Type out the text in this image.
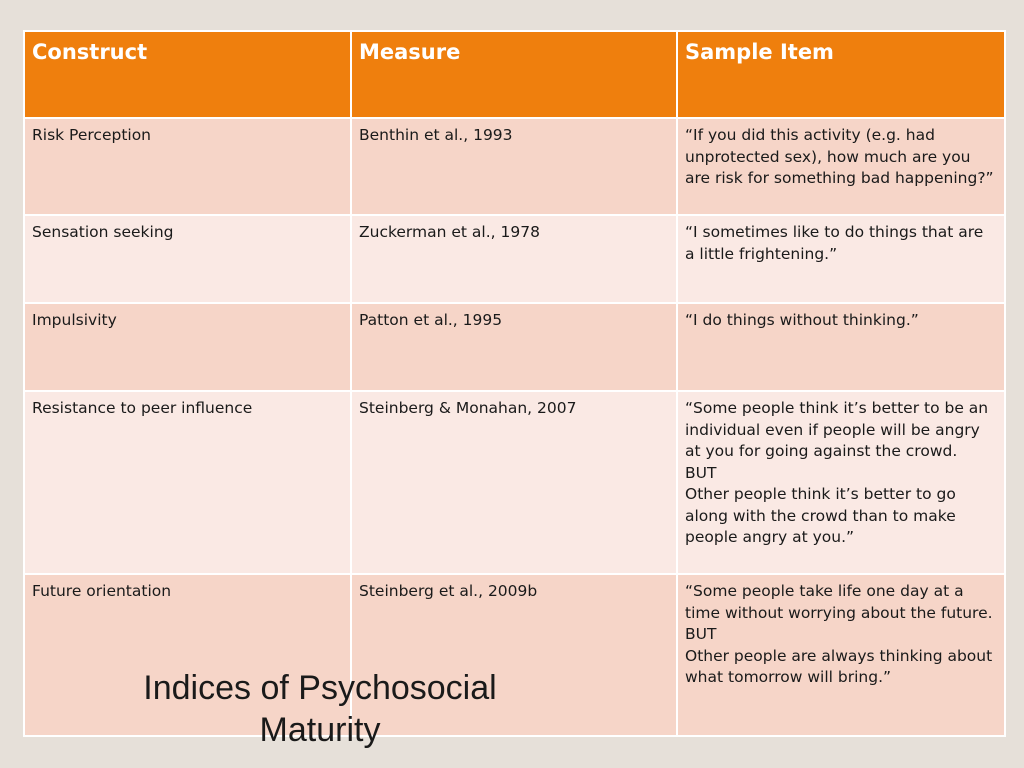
Construct	Measure	Sample Item
Risk Perception	Benthin et al., 1993	“If you did this activity (e.g. had unprotected sex), how much are you are risk for something bad happening?”
Sensation seeking	Zuckerman et al., 1978	“I sometimes like to do things that are a little frightening.”
Impulsivity	Patton et al., 1995	“I do things without thinking.”
Resistance to peer influence	Steinberg & Monahan, 2007	“Some people think it’s better to be an individual even if people will be angry at you for going against the crowd.
BUT
Other people think it’s better to go along with the crowd than to make people angry at you.”
Future orientation	Steinberg et al., 2009b	“Some people take life one day at a time without worrying about the future.
BUT
Other people are always thinking about what tomorrow will bring.”
Indices of Psychosocial Maturity
